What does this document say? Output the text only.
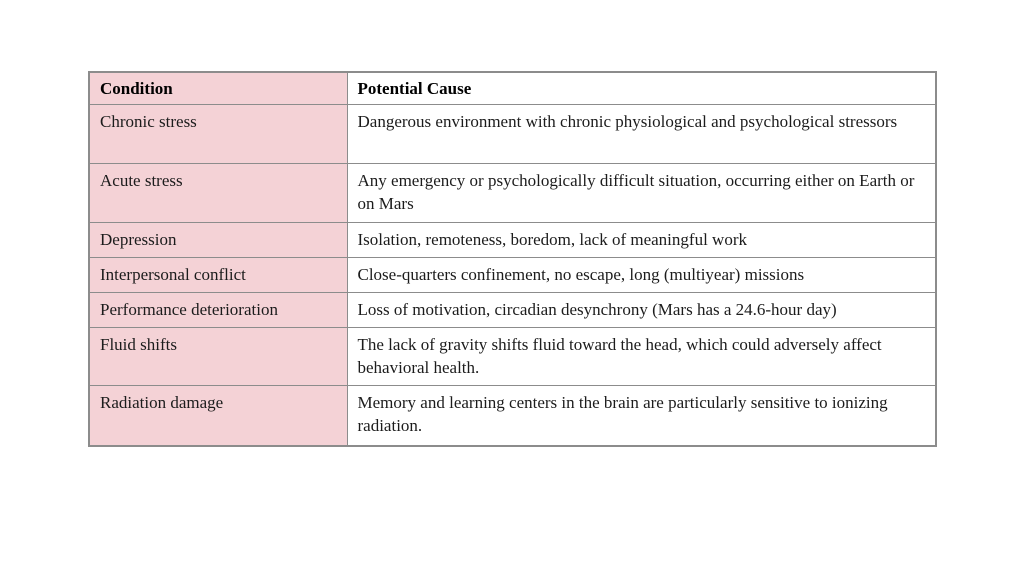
Condition	Potential Cause
Chronic stress	Dangerous environment with chronic physiological and psychological stressors
Acute stress	Any emergency or psychologically difficult situation, occurring either on Earth or on Mars
Depression	Isolation, remoteness, boredom, lack of meaningful work
Interpersonal conflict	Close-quarters confinement, no escape, long (multiyear) missions
Performance deterioration	Loss of motivation, circadian desynchrony (Mars has a 24.6-hour day)
Fluid shifts	The lack of gravity shifts fluid toward the head, which could adversely affect behavioral health.
Radiation damage	Memory and learning centers in the brain are particularly sensitive to ionizing radiation.
